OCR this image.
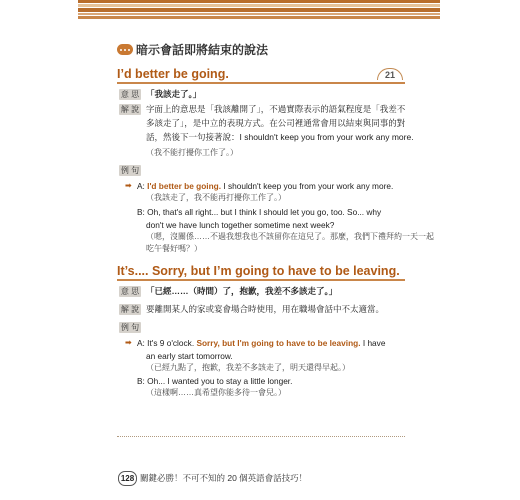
暗示會話即將結束的說法
I’d better be going.	21
意 思 「我該走了。」
解 說 字面上的意思是「我該離開了」，不過實際表示的語氣程度是「我差不
多該走了」，是中立的表現方式。在公司裡通常會用以結束與同事的對
話，然後下一句接著說：I shouldn't keep you from your work any more.
（我不能打擾你工作了。）
例 句
➡ A: I'd better be going. I shouldn't keep you from your work any more.
（我該走了，我不能再打擾你工作了。）
B: Oh, that's all right... but I think I should let you go, too. So... why
don't we have lunch together sometime next week?
（嗯，沒關係……不過我想我也不該留你在這兒了。那麼，我們下禮拜約一天一起
吃午餐好嗎？）
It’s.... Sorry, but I’m going to have to be leaving.
意 思 「已經……（時間）了，抱歉，我差不多該走了。」
解 說 要離開某人的家或宴會場合時使用，用在職場會話中不太適當。
例 句
➡ A: It's 9 o'clock. Sorry, but I'm going to have to be leaving. I have
an early start tomorrow.
（已經九點了，抱歉，我差不多該走了，明天還得早起。）
B: Oh... I wanted you to stay a little longer.
（這樣啊……真希望你能多待一會兒。）
128 關鍵必勝！不可不知的 20 個英語會話技巧！
